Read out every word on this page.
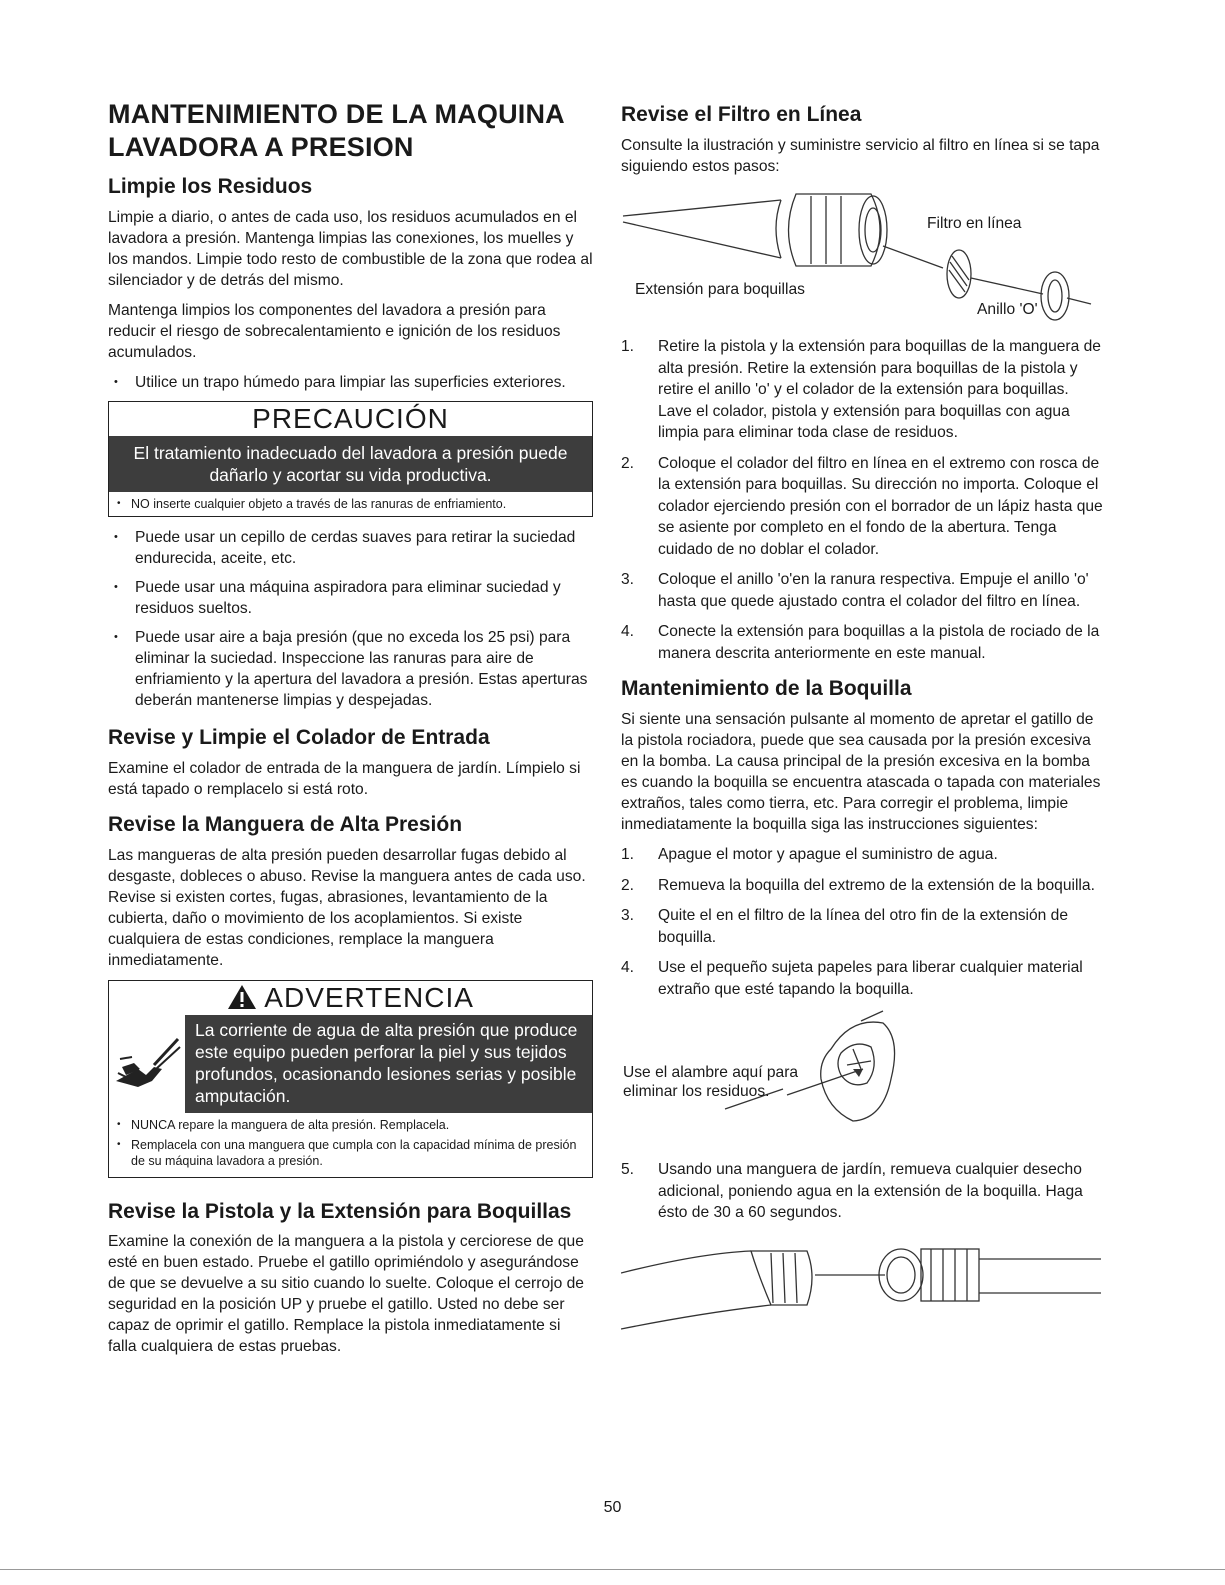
MANTENIMIENTO DE LA MAQUINA LAVADORA A PRESION
Limpie los Residuos

Limpie a diario, o antes de cada uso, los residuos acumulados en el lavadora a presión. Mantenga limpias las conexiones, los muelles y los mandos. Limpie todo resto de combustible de la zona que rodea al silenciador y de detrás del mismo.

Mantenga limpios los componentes del lavadora a presión para reducir el riesgo de sobrecalentamiento e ignición de los residuos acumulados.

• Utilice un trapo húmedo para limpiar las superficies exteriores.
PRECAUCIÓN
El tratamiento inadecuado del lavadora a presión puede dañarlo y acortar su vida productiva.
• NO inserte cualquier objeto a través de las ranuras de enfriamiento.
• Puede usar un cepillo de cerdas suaves para retirar la suciedad endurecida, aceite, etc.
• Puede usar una máquina aspiradora para eliminar suciedad y residuos sueltos.
• Puede usar aire a baja presión (que no exceda los 25 psi) para eliminar la suciedad. Inspeccione las ranuras para aire de enfriamiento y la apertura del lavadora a presión. Estas aperturas deberán mantenerse limpias y despejadas.
Revise y Limpie el Colador de Entrada

Examine el colador de entrada de la manguera de jardín. Límpielo si está tapado o remplacelo si está roto.

Revise la Manguera de Alta Presión

Las mangueras de alta presión pueden desarrollar fugas debido al desgaste, dobleces o abuso. Revise la manguera antes de cada uso. Revise si existen cortes, fugas, abrasiones, levantamiento de la cubierta, daño o movimiento de los acoplamientos. Si existe cualquiera de estas condiciones, remplace la manguera inmediatamente.

ADVERTENCIA
La corriente de agua de alta presión que produce este equipo pueden perforar la piel y sus tejidos profundos, ocasionando lesiones serias y posible amputación.
• NUNCA repare la manguera de alta presión. Remplacela.
• Remplacela con una manguera que cumpla con la capacidad mínima de presión de su máquina lavadora a presión.
Revise la Pistola y la Extensión para Boquillas

Examine la conexión de la manguera a la pistola y cerciorese de que esté en buen estado. Pruebe el gatillo oprimiéndolo y asegurándose de que se devuelve a su sitio cuando lo suelte. Coloque el cerrojo de seguridad en la posición UP y pruebe el gatillo. Usted no debe ser capaz de oprimir el gatillo. Remplace la pistola inmediatamente si falla cualquiera de estas pruebas.

Revise el Filtro en Línea

Consulte la ilustración y suministre servicio al filtro en línea si se tapa siguiendo estos pasos:

Filtro en línea
Extensión para boquillas
Anillo 'O'
1. Retire la pistola y la extensión para boquillas de la manguera de alta presión. Retire la extensión para boquillas de la pistola y retire el anillo 'o' y el colador de la extensión para boquillas. Lave el colador, pistola y extensión para boquillas con agua limpia para eliminar toda clase de residuos.
2. Coloque el colador del filtro en línea en el extremo con rosca de la extensión para boquillas. Su dirección no importa. Coloque el colador ejerciendo presión con el borrador de un lápiz hasta que se asiente por completo en el fondo de la abertura. Tenga cuidado de no doblar el colador.
3. Coloque el anillo 'o'en la ranura respectiva. Empuje el anillo 'o' hasta que quede ajustado contra el colador del filtro en línea.
4. Conecte la extensión para boquillas a la pistola de rociado de la manera descrita anteriormente en este manual.
Mantenimiento de la Boquilla

Si siente una sensación pulsante al momento de apretar el gatillo de la pistola rociadora, puede que sea causada por la presión excesiva en la bomba. La causa principal de la presión excesiva en la bomba es cuando la boquilla se encuentra atascada o tapada con materiales extraños, tales como tierra, etc. Para corregir el problema, limpie inmediatamente la boquilla siga las instrucciones siguientes:

1. Apague el motor y apague el suministro de agua.
2. Remueva la boquilla del extremo de la extensión de la boquilla.
3. Quite el en el filtro de la línea del otro fin de la extensión de boquilla.
4. Use el pequeño sujeta papeles para liberar cualquier material extraño que esté tapando la boquilla.
Use el alambre aquí para eliminar los residuos.
5. Usando una manguera de jardín, remueva cualquier desecho adicional, poniendo agua en la extensión de la boquilla. Haga ésto de 30 a 60 segundos.
50
